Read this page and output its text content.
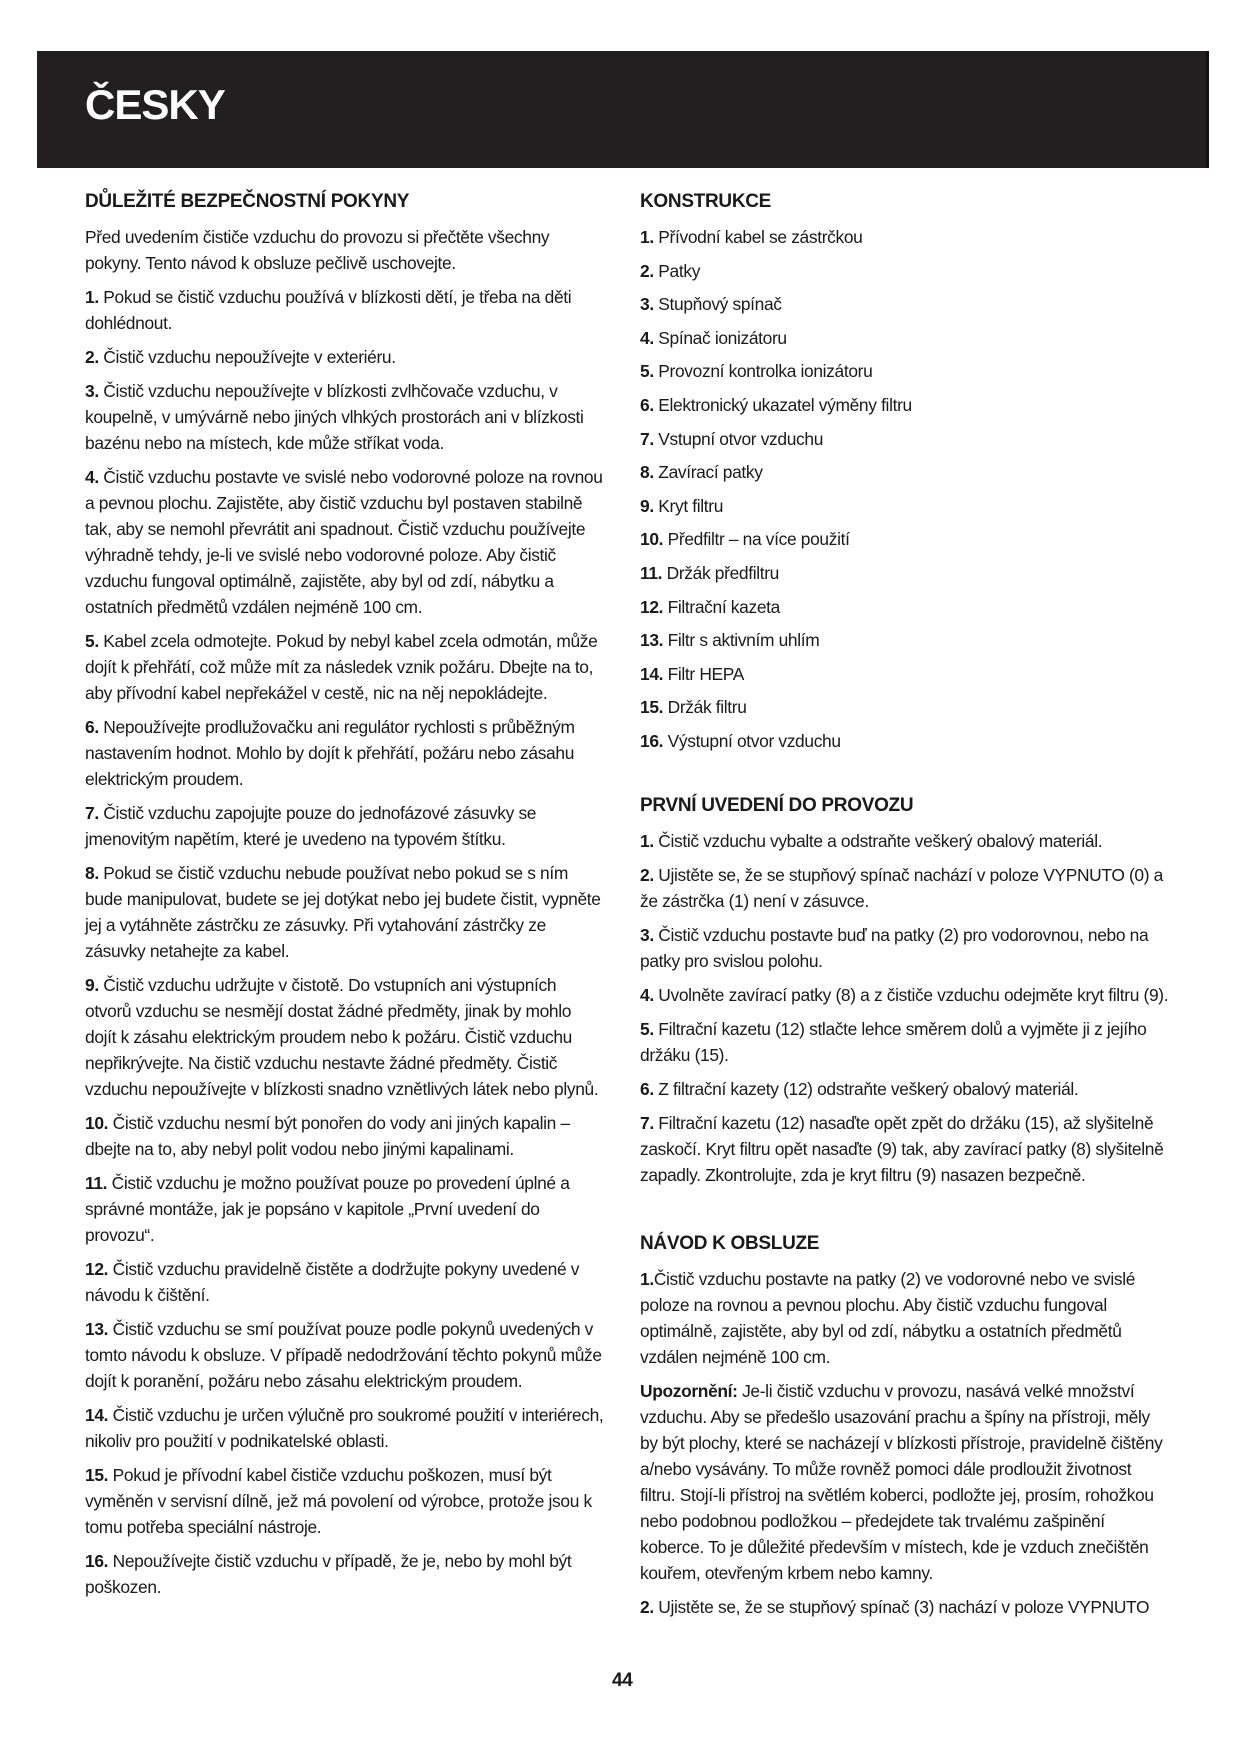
ČESKY
DŮLEŽITÉ BEZPEČNOSTNÍ POKYNY

Před uvedením čističe vzduchu do provozu si přečtěte všechny pokyny. Tento návod k obsluze pečlivě uschovejte.

1. Pokud se čistič vzduchu používá v blízkosti dětí, je třeba na děti dohlédnout.

2. Čistič vzduchu nepoužívejte v exteriéru.

3. Čistič vzduchu nepoužívejte v blízkosti zvlhčovače vzduchu, v koupelně, v umývárně nebo jiných vlhkých prostorách ani v blízkosti bazénu nebo na místech, kde může stříkat voda.

4. Čistič vzduchu postavte ve svislé nebo vodorovné poloze na rovnou a pevnou plochu. Zajistěte, aby čistič vzduchu byl postaven stabilně tak, aby se nemohl převrátit ani spadnout. Čistič vzduchu používejte výhradně tehdy, je-li ve svislé nebo vodorovné poloze. Aby čistič vzduchu fungoval optimálně, zajistěte, aby byl od zdí, nábytku a ostatních předmětů vzdálen nejméně 100 cm.

5. Kabel zcela odmotejte. Pokud by nebyl kabel zcela odmotán, může dojít k přehřátí, což může mít za následek vznik požáru. Dbejte na to, aby přívodní kabel nepřekážel v cestě, nic na něj nepokládejte.

6. Nepoužívejte prodlužovačku ani regulátor rychlosti s průběžným nastavením hodnot. Mohlo by dojít k přehřátí, požáru nebo zásahu elektrickým proudem.

7. Čistič vzduchu zapojujte pouze do jednofázové zásuvky se jmenovitým napětím, které je uvedeno na typovém štítku.

8. Pokud se čistič vzduchu nebude používat nebo pokud se s ním bude manipulovat, budete se jej dotýkat nebo jej budete čistit, vypněte jej a vytáhněte zástrčku ze zásuvky. Při vytahování zástrčky ze zásuvky netahejte za kabel.

9. Čistič vzduchu udržujte v čistotě. Do vstupních ani výstupních otvorů vzduchu se nesmějí dostat žádné předměty, jinak by mohlo dojít k zásahu elektrickým proudem nebo k požáru. Čistič vzduchu nepřikrývejte. Na čistič vzduchu nestavte žádné předměty. Čistič vzduchu nepoužívejte v blízkosti snadno vznětlivých látek nebo plynů.

10. Čistič vzduchu nesmí být ponořen do vody ani jiných kapalin – dbejte na to, aby nebyl polit vodou nebo jinými kapalinami.

11. Čistič vzduchu je možno používat pouze po provedení úplné a správné montáže, jak je popsáno v kapitole „První uvedení do provozu“.

12. Čistič vzduchu pravidelně čistěte a dodržujte pokyny uvedené v návodu k čištění.

13. Čistič vzduchu se smí používat pouze podle pokynů uvedených v tomto návodu k obsluze. V případě nedodržování těchto pokynů může dojít k poranění, požáru nebo zásahu elektrickým proudem.

14. Čistič vzduchu je určen výlučně pro soukromé použití v interiérech, nikoliv pro použití v podnikatelské oblasti.

15. Pokud je přívodní kabel čističe vzduchu poškozen, musí být vyměněn v servisní dílně, jež má povolení od výrobce, protože jsou k tomu potřeba speciální nástroje.

16. Nepoužívejte čistič vzduchu v případě, že je, nebo by mohl být poškozen.

KONSTRUKCE
1. Přívodní kabel se zástrčkou
2. Patky
3. Stupňový spínač
4. Spínač ionizátoru
5. Provozní kontrolka ionizátoru
6. Elektronický ukazatel výměny filtru
7. Vstupní otvor vzduchu
8. Zavírací patky
9. Kryt filtru
10. Předfiltr – na více použití
11. Držák předfiltru
12. Filtrační kazeta
13. Filtr s aktivním uhlím
14. Filtr HEPA
15. Držák filtru
16. Výstupní otvor vzduchu
PRVNÍ UVEDENÍ DO PROVOZU

1. Čistič vzduchu vybalte a odstraňte veškerý obalový materiál.

2. Ujistěte se, že se stupňový spínač nachází v poloze VYPNUTO (0) a že zástrčka (1) není v zásuvce.

3. Čistič vzduchu postavte buď na patky (2) pro vodorovnou, nebo na patky pro svislou polohu.

4. Uvolněte zavírací patky (8) a z čističe vzduchu odejměte kryt filtru (9).

5. Filtrační kazetu (12) stlačte lehce směrem dolů a vyjměte ji z jejího držáku (15).

6. Z filtrační kazety (12) odstraňte veškerý obalový materiál.

7. Filtrační kazetu (12) nasaďte opět zpět do držáku (15), až slyšitelně zaskočí. Kryt filtru opět nasaďte (9) tak, aby zavírací patky (8) slyšitelně zapadly. Zkontrolujte, zda je kryt filtru (9) nasazen bezpečně.

NÁVOD K OBSLUZE

1.Čistič vzduchu postavte na patky (2) ve vodorovné nebo ve svislé poloze na rovnou a pevnou plochu. Aby čistič vzduchu fungoval optimálně, zajistěte, aby byl od zdí, nábytku a ostatních předmětů vzdálen nejméně 100 cm.

Upozornění: Je-li čistič vzduchu v provozu, nasává velké množství vzduchu. Aby se předešlo usazování prachu a špíny na přístroji, měly by být plochy, které se nacházejí v blízkosti přístroje, pravidelně čištěny a/nebo vysávány. To může rovněž pomoci dále prodloužit životnost filtru. Stojí-li přístroj na světlém koberci, podložte jej, prosím, rohožkou nebo podobnou podložkou – předejdete tak trvalému zašpinění koberce. To je důležité především v místech, kde je vzduch znečištěn kouřem, otevřeným krbem nebo kamny.

2. Ujistěte se, že se stupňový spínač (3) nachází v poloze VYPNUTO

44
